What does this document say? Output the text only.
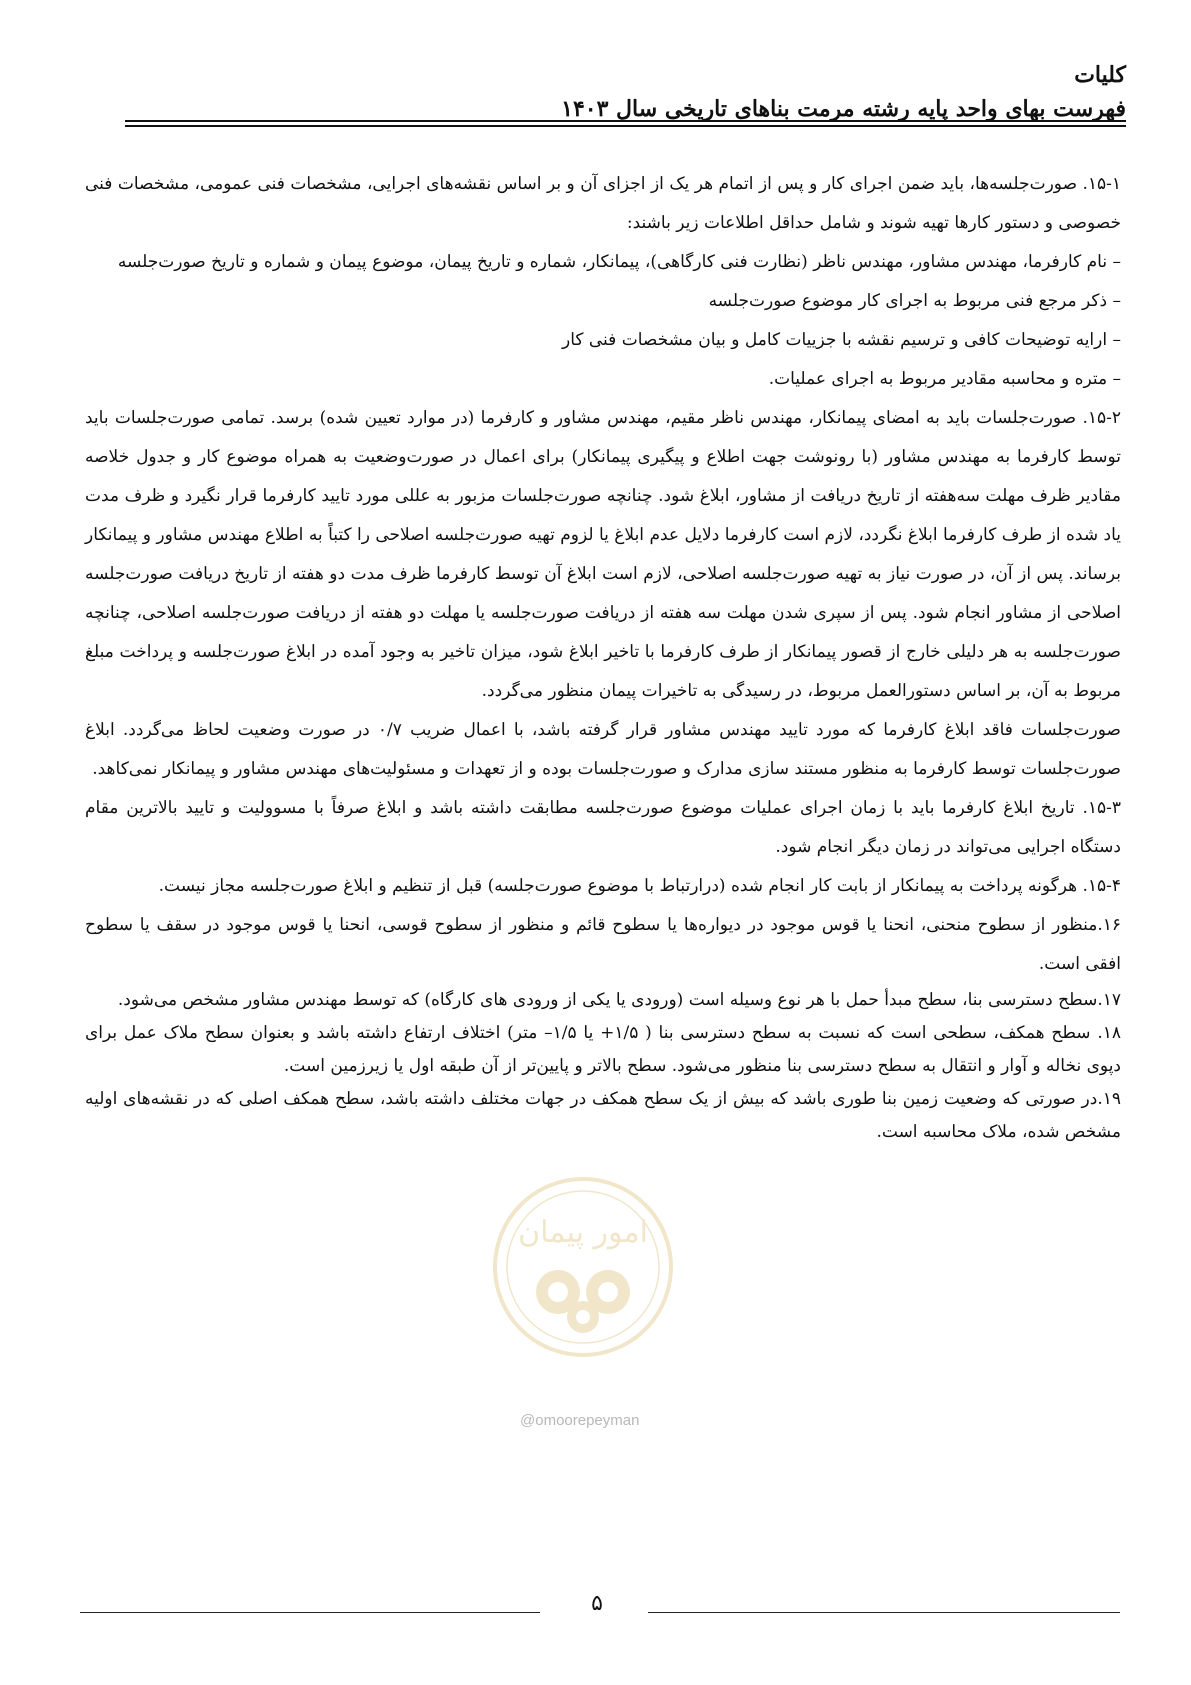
کلیات
فهرست بهای واحد پایه رشته مرمت بناهای تاریخی سال ۱۴۰۳

۱۵-۱. صورت‌جلسه‌ها، باید ضمن اجرای کار و پس از اتمام هر یک از اجزای آن و بر اساس نقشه‌های اجرایی، مشخصات فنی عمومی، مشخصات فنی خصوصی و دستور کارها تهیه شوند و شامل حداقل اطلاعات زیر باشند:

– نام کارفرما، مهندس مشاور، مهندس ناظر (نظارت فنی کارگاهی)، پیمانکار، شماره و تاریخ پیمان، موضوع پیمان و شماره و تاریخ صورت‌جلسه

– ذکر مرجع فنی مربوط به اجرای کار موضوع صورت‌جلسه

– ارایه توضیحات کافی و ترسیم نقشه با جزییات کامل و بیان مشخصات فنی کار

– متره و محاسبه مقادیر مربوط به اجرای عملیات.

۱۵-۲. صورت‌جلسات باید به امضای پیمانکار، مهندس ناظر مقیم، مهندس مشاور و کارفرما (در موارد تعیین شده) برسد. تمامی صورت‌جلسات باید توسط کارفرما به مهندس مشاور (با رونوشت جهت اطلاع و پیگیری پیمانکار) برای اعمال در صورت‌وضعیت به همراه موضوع کار و جدول خلاصه مقادیر ظرف مهلت سه‌هفته از تاریخ دریافت از مشاور، ابلاغ شود. چنانچه صورت‌جلسات مزبور به عللی مورد تایید کارفرما قرار نگیرد و ظرف مدت یاد شده از طرف کارفرما ابلاغ نگردد، لازم است کارفرما دلایل عدم ابلاغ یا لزوم تهیه صورت‌جلسه اصلاحی را کتباً به اطلاع مهندس مشاور و پیمانکار برساند. پس از آن، در صورت نیاز به تهیه صورت‌جلسه اصلاحی، لازم است ابلاغ آن توسط کارفرما ظرف مدت دو هفته از تاریخ دریافت صورت‌جلسه اصلاحی از مشاور انجام شود. پس از سپری شدن مهلت سه هفته از دریافت صورت‌جلسه یا مهلت دو هفته از دریافت صورت‌جلسه اصلاحی، چنانچه صورت‌جلسه به هر دلیلی خارج از قصور پیمانکار از طرف کارفرما با تاخیر ابلاغ شود، میزان تاخیر به وجود آمده در ابلاغ صورت‌جلسه و پرداخت مبلغ مربوط به آن، بر اساس دستورالعمل مربوط، در رسیدگی به تاخیرات پیمان منظور می‌گردد.

صورت‌جلسات فاقد ابلاغ کارفرما که مورد تایید مهندس مشاور قرار گرفته باشد، با اعمال ضریب ۰/۷ در صورت وضعیت لحاظ می‌گردد. ابلاغ صورت‌جلسات توسط کارفرما به منظور مستند سازی مدارک و صورت‌جلسات بوده و از تعهدات و مسئولیت‌های مهندس مشاور و پیمانکار نمی‌کاهد.

۱۵-۳. تاریخ ابلاغ کارفرما باید با زمان اجرای عملیات موضوع صورت‌جلسه مطابقت داشته باشد و ابلاغ صرفاً با مسوولیت و تایید بالاترین مقام دستگاه اجرایی می‌تواند در زمان دیگر انجام شود.

۱۵-۴. هرگونه پرداخت به پیمانکار از بابت کار انجام شده (درارتباط با موضوع صورت‌جلسه) قبل از تنظیم و ابلاغ صورت‌جلسه مجاز نیست.

۱۶.منظور از سطوح منحنی، انحنا یا قوس موجود در دیواره‌ها یا سطوح قائم و منظور از سطوح قوسی، انحنا یا قوس موجود در سقف یا سطوح افقی است.

۱۷.سطح دسترسی بنا، سطح مبدأ حمل با هر نوع وسیله است (ورودی یا یکی از ورودی های کارگاه) که توسط مهندس مشاور مشخص می‌شود.

۱۸. سطح همکف، سطحی است که نسبت به سطح دسترسی بنا ( ۱/۵+ یا ۱/۵– متر) اختلاف ارتفاع داشته باشد و بعنوان سطح ملاک عمل برای دپوی نخاله و آوار و انتقال به سطح دسترسی بنا منظور می‌شود. سطح بالاتر و پایین‌تر از آن طبقه اول یا زیرزمین است.

۱۹.در صورتی که وضعیت زمین بنا طوری باشد که بیش از یک سطح همکف در جهات مختلف داشته باشد، سطح همکف اصلی که در نقشه‌های اولیه مشخص شده، ملاک محاسبه است.

امور پیمان
@omoorepeyman
۵
